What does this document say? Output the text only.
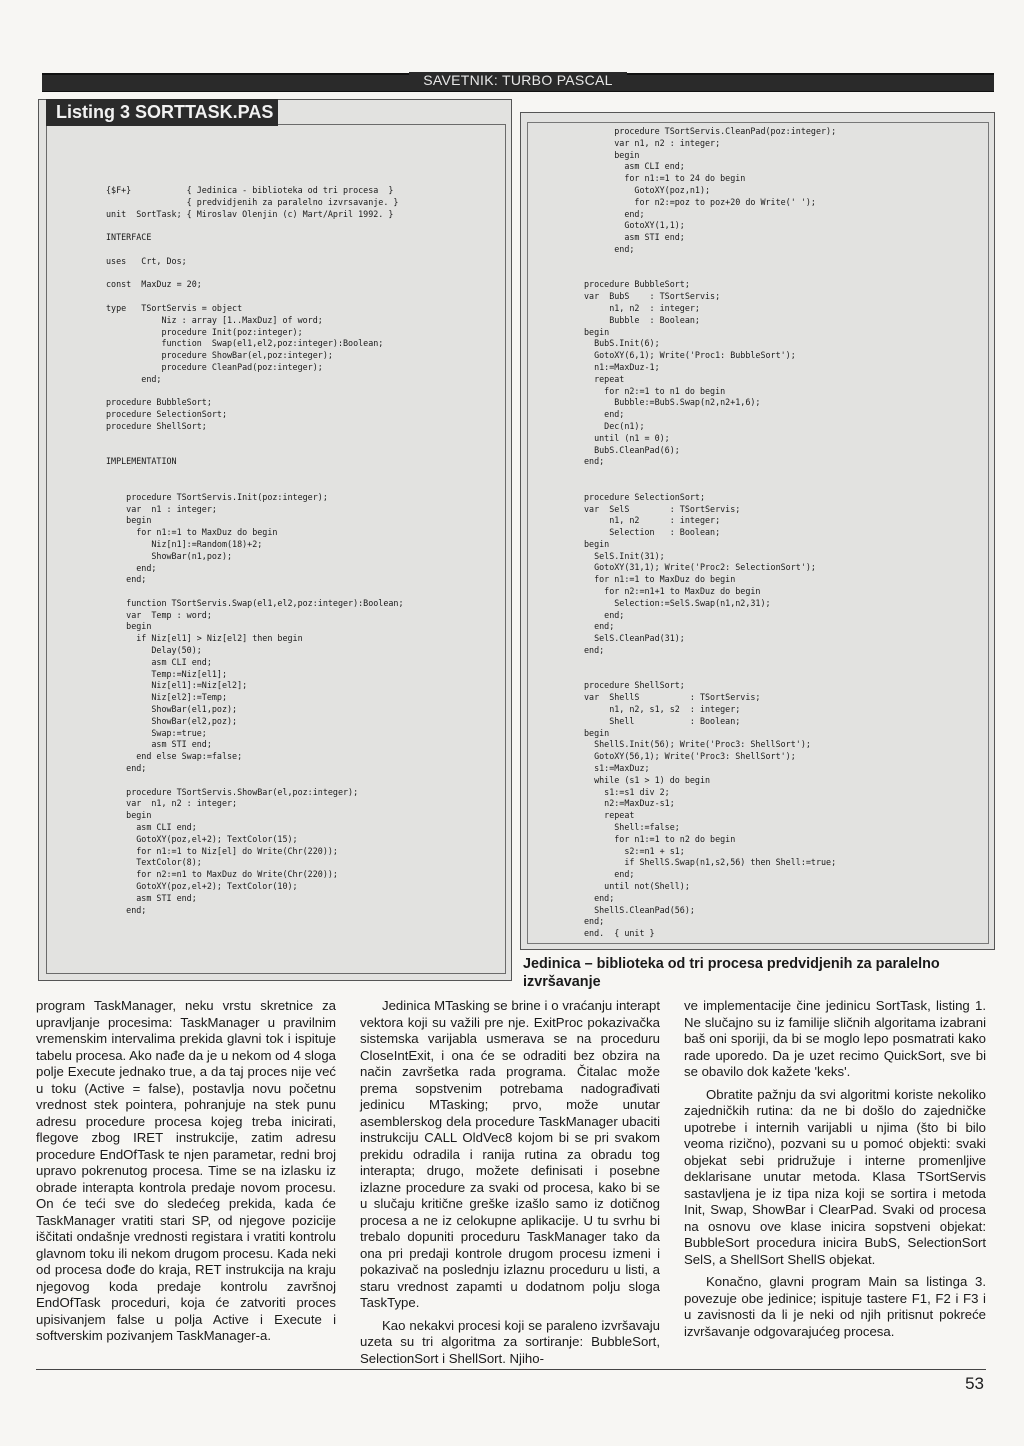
SAVETNIK: TURBO PASCAL
Listing 3 SORTTASK.PAS
{$F+}           { Jedinica - biblioteka od tri procesa  }
{ predvidjenih za paralelno izvrsavanje. }
unit  SortTask; { Miroslav Olenjin (c) Mart/April 1992. }

INTERFACE

uses   Crt, Dos;

const  MaxDuz = 20;

type   TSortServis = object
Niz : array [1..MaxDuz] of word;
procedure Init(poz:integer);
function  Swap(el1,el2,poz:integer):Boolean;
procedure ShowBar(el,poz:integer);
procedure CleanPad(poz:integer);
end;

procedure BubbleSort;
procedure SelectionSort;
procedure ShellSort;

IMPLEMENTATION

procedure TSortServis.Init(poz:integer);
var  n1 : integer;
begin
for n1:=1 to MaxDuz do begin
Niz[n1]:=Random(18)+2;
ShowBar(n1,poz);
end;
end;

function TSortServis.Swap(el1,el2,poz:integer):Boolean;
var  Temp : word;
begin
if Niz[el1] > Niz[el2] then begin
Delay(50);
asm CLI end;
Temp:=Niz[el1];
Niz[el1]:=Niz[el2];
Niz[el2]:=Temp;
ShowBar(el1,poz);
ShowBar(el2,poz);
Swap:=true;
asm STI end;
end else Swap:=false;
end;

procedure TSortServis.ShowBar(el,poz:integer);
var  n1, n2 : integer;
begin
asm CLI end;
GotoXY(poz,el+2); TextColor(15);
for n1:=1 to Niz[el] do Write(Chr(220));
TextColor(8);
for n2:=n1 to MaxDuz do Write(Chr(220));
GotoXY(poz,el+2); TextColor(10);
asm STI end;
end;
procedure TSortServis.CleanPad(poz:integer);
var n1, n2 : integer;
begin
asm CLI end;
for n1:=1 to 24 do begin
GotoXY(poz,n1);
for n2:=poz to poz+20 do Write(' ');
end;
GotoXY(1,1);
asm STI end;
end;

procedure BubbleSort;
var  BubS    : TSortServis;
n1, n2  : integer;
Bubble  : Boolean;
begin
BubS.Init(6);
GotoXY(6,1); Write('Proc1: BubbleSort');
n1:=MaxDuz-1;
repeat
for n2:=1 to n1 do begin
Bubble:=BubS.Swap(n2,n2+1,6);
end;
Dec(n1);
until (n1 = 0);
BubS.CleanPad(6);
end;

procedure SelectionSort;
var  SelS        : TSortServis;
n1, n2      : integer;
Selection   : Boolean;
begin
SelS.Init(31);
GotoXY(31,1); Write('Proc2: SelectionSort');
for n1:=1 to MaxDuz do begin
for n2:=n1+1 to MaxDuz do begin
Selection:=SelS.Swap(n1,n2,31);
end;
end;
SelS.CleanPad(31);
end;

procedure ShellSort;
var  ShellS          : TSortServis;
n1, n2, s1, s2  : integer;
Shell           : Boolean;
begin
ShellS.Init(56); Write('Proc3: ShellSort');
GotoXY(56,1); Write('Proc3: ShellSort');
s1:=MaxDuz;
while (s1 > 1) do begin
s1:=s1 div 2;
n2:=MaxDuz-s1;
repeat
Shell:=false;
for n1:=1 to n2 do begin
s2:=n1 + s1;
if ShellS.Swap(n1,s2,56) then Shell:=true;
end;
until not(Shell);
end;
ShellS.CleanPad(56);
end;
end.  { unit }
Jedinica – biblioteka od tri procesa predvidjenih za paralelno izvršavanje

program TaskManager, neku vrstu skretnice za upravljanje procesima: TaskManager u pravilnim vremenskim intervalima prekida glavni tok i ispituje tabelu procesa. Ako nađe da je u nekom od 4 sloga polje Execute jednako true, a da taj proces nije već u toku (Active = false), postavlja novu početnu vrednost stek pointera, pohranjuje na stek punu adresu procedure procesa kojeg treba inicirati, flegove zbog IRET instrukcije, zatim adresu procedure EndOfTask te njen parametar, redni broj upravo pokrenutog procesa. Time se na izlasku iz obrade interapta kontrola predaje novom procesu. On će teći sve do sledećeg prekida, kada će TaskManager vratiti stari SP, od njegove pozicije iščitati ondašnje vrednosti registara i vratiti kontrolu glavnom toku ili nekom drugom procesu. Kada neki od procesa dođe do kraja, RET instrukcija na kraju njegovog koda predaje kontrolu završnoj EndOfTask proceduri, koja će zatvoriti proces upisivanjem false u polja Active i Execute i softverskim pozivanjem TaskManager-a.

Jedinica MTasking se brine i o vraćanju interapt vektora koji su važili pre nje. ExitProc pokazivačka sistemska varijabla usmerava se na proceduru CloseIntExit, i ona će se odraditi bez obzira na način završetka rada programa. Čitalac može prema sopstvenim potrebama nadograđivati jedinicu MTasking; prvo, može unutar asemblerskog dela procedure TaskManager ubaciti instrukciju CALL OldVec8 kojom bi se pri svakom prekidu odradila i ranija rutina za obradu tog interapta; drugo, možete definisati i posebne izlazne procedure za svaki od procesa, kako bi se u slučaju kritične greške izašlo samo iz dotičnog procesa a ne iz celokupne aplikacije. U tu svrhu bi trebalo dopuniti proceduru TaskManager tako da ona pri predaji kontrole drugom procesu izmeni i pokazivač na poslednju izlaznu proceduru u listi, a staru vrednost zapamti u dodatnom polju sloga TaskType.

Kao nekakvi procesi koji se paraleno izvršavaju uzeta su tri algoritma za sortiranje: BubbleSort, SelectionSort i ShellSort. Njiho-

ve implementacije čine jedinicu SortTask, listing 1. Ne slučajno su iz familije sličnih algoritama izabrani baš oni sporiji, da bi se moglo lepo posmatrati kako rade uporedo. Da je uzet recimo QuickSort, sve bi se obavilo dok kažete 'keks'.

Obratite pažnju da svi algoritmi koriste nekoliko zajedničkih rutina: da ne bi došlo do zajedničke upotrebe i internih varijabli u njima (što bi bilo veoma rizično), pozvani su u pomoć objekti: svaki objekat sebi pridružuje i interne promenljive deklarisane unutar metoda. Klasa TSortServis sastavljena je iz tipa niza koji se sortira i metoda Init, Swap, ShowBar i ClearPad. Svaki od procesa na osnovu ove klase inicira sopstveni objekat: BubbleSort procedura inicira BubS, SelectionSort SelS, a ShellSort ShellS objekat.

Konačno, glavni program Main sa listinga 3. povezuje obe jedinice; ispituje tastere F1, F2 i F3 i u zavisnosti da li je neki od njih pritisnut pokreće izvršavanje odgovarajućeg procesa.

53
